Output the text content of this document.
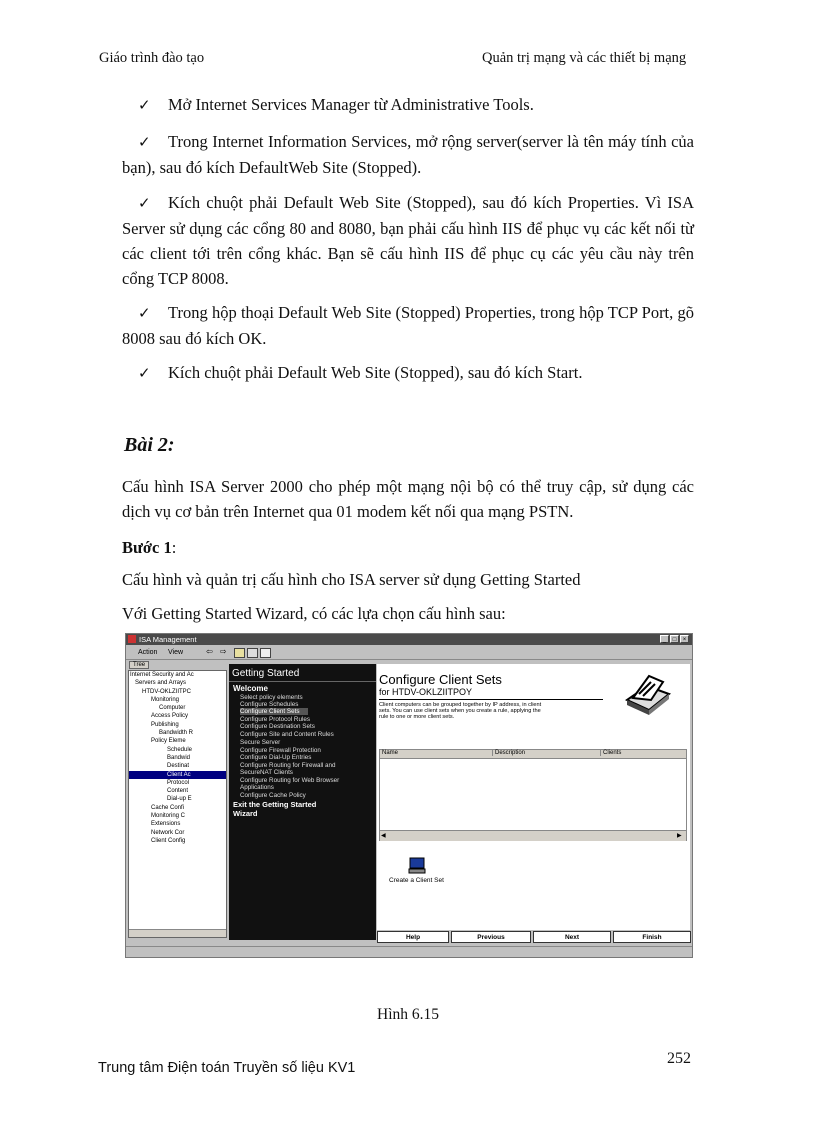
Giáo trình đào tạo	Quản trị mạng và các thiết bị mạng
✓ Mở Internet Services Manager từ Administrative Tools.
✓ Trong Internet Information Services, mở rộng server(server là tên máy tính của bạn), sau đó kích DefaultWeb Site (Stopped).
✓ Kích chuột phải Default Web Site (Stopped), sau đó kích Properties. Vì ISA Server sử dụng các cổng 80 and 8080, bạn phải cấu hình IIS để phục vụ các kết nối từ các client tới trên cổng khác. Bạn sẽ cấu hình IIS để phục cụ các yêu cầu này trên cổng TCP 8008.
✓ Trong hộp thoại Default Web Site (Stopped) Properties, trong hộp TCP Port, gõ 8008 sau đó kích OK.
✓ Kích chuột phải Default Web Site (Stopped), sau đó kích Start.
Bài 2:
Cấu hình ISA Server 2000 cho phép một mạng nội bộ có thể truy cập, sử dụng các dịch vụ cơ bản trên Internet qua 01 modem kết nối qua mạng PSTN.
Bước 1:
Cấu hình và quản trị cấu hình cho ISA server sử dụng Getting Started
Với Getting Started Wizard, có các lựa chọn cấu hình sau:
ISA Management	_	□	×
Action View	⇦ ⇨
Tree
Internet Security and Ac
Servers and Arrays
HTDV-OKLZIITPC
Monitoring
Computer
Access Policy
Publishing
Bandwidth R
Policy Eleme
Schedule
Bandwid
Destinat
Client Ac
Protocol
Content
Dial-up E
Cache Confi
Monitoring C
Extensions
Network Cor
Client Config
Getting Started
Welcome
Select policy elements
Configure Schedules
Configure Client Sets
Configure Protocol Rules
Configure Destination Sets
Configure Site and Content Rules
Secure Server
Configure Firewall Protection
Configure Dial-Up Entries
Configure Routing for Firewall and
SecureNAT Clients
Configure Routing for Web Browser
Applications
Configure Cache Policy
Exit the Getting Started
Wizard
Configure Client Sets
for HTDV-OKLZIITPOY
Client computers can be grouped together by IP address, in client
sets. You can use client sets when you create a rule, applying the
rule to one or more client sets.
Name	Description	Clients
◀	▶
Create a Client Set
Help	Previous	Next	Finish
Hình 6.15
Trung tâm Điện toán Truyền số liệu KV1
252
